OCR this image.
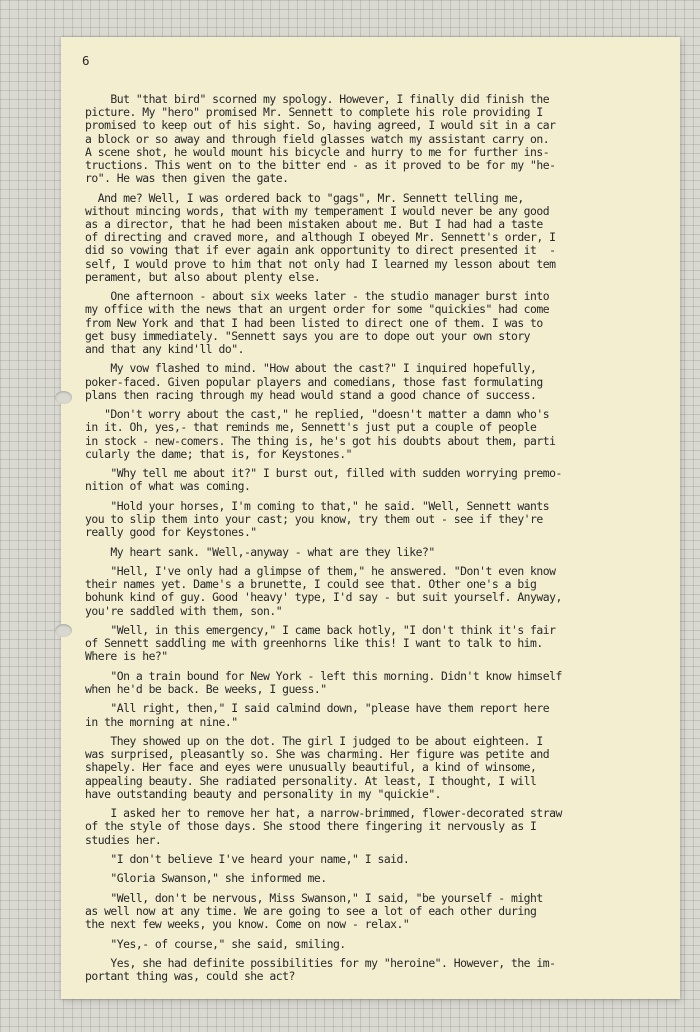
6
But "that bird" scorned my spology. However, I finally did finish the
picture. My "hero" promised Mr. Sennett to complete his role providing I
promised to keep out of his sight. So, having agreed, I would sit in a car
a block or so away and through field glasses watch my assistant carry on.
A scene shot, he would mount his bicycle and hurry to me for further ins-
tructions. This went on to the bitter end - as it proved to be for my "he-
ro". He was then given the gate.
And me? Well, I was ordered back to "gags", Mr. Sennett telling me,
without mincing words, that with my temperament I would never be any good
as a director, that he had been mistaken about me. But I had had a taste
of directing and craved more, and although I obeyed Mr. Sennett's order, I
did so vowing that if ever again ank opportunity to direct presented it  -
self, I would prove to him that not only had I learned my lesson about tem
perament, but also about plenty else.
One afternoon - about six weeks later - the studio manager burst into
my office with the news that an urgent order for some "quickies" had come
from New York and that I had been listed to direct one of them. I was to
get busy immediately. "Sennett says you are to dope out your own story
and that any kind'll do".
My vow flashed to mind. "How about the cast?" I inquired hopefully,
poker-faced. Given popular players and comedians, those fast formulating
plans then racing through my head would stand a good chance of success.
"Don't worry about the cast," he replied, "doesn't matter a damn who's
in it. Oh, yes,- that reminds me, Sennett's just put a couple of people
in stock - new-comers. The thing is, he's got his doubts about them, parti
cularly the dame; that is, for Keystones."
"Why tell me about it?" I burst out, filled with sudden worrying premo-
nition of what was coming.
"Hold your horses, I'm coming to that," he said. "Well, Sennett wants
you to slip them into your cast; you know, try them out - see if they're
really good for Keystones."
My heart sank. "Well,-anyway - what are they like?"
"Hell, I've only had a glimpse of them," he answered. "Don't even know
their names yet. Dame's a brunette, I could see that. Other one's a big
bohunk kind of guy. Good 'heavy' type, I'd say - but suit yourself. Anyway,
you're saddled with them, son."
"Well, in this emergency," I came back hotly, "I don't think it's fair
of Sennett saddling me with greenhorns like this! I want to talk to him.
Where is he?"
"On a train bound for New York - left this morning. Didn't know himself
when he'd be back. Be weeks, I guess."
"All right, then," I said calmind down, "please have them report here
in the morning at nine."
They showed up on the dot. The girl I judged to be about eighteen. I
was surprised, pleasantly so. She was charming. Her figure was petite and
shapely. Her face and eyes were unusually beautiful, a kind of winsome,
appealing beauty. She radiated personality. At least, I thought, I will
have outstanding beauty and personality in my "quickie".
I asked her to remove her hat, a narrow-brimmed, flower-decorated straw
of the style of those days. She stood there fingering it nervously as I
studies her.
"I don't believe I've heard your name," I said.
"Gloria Swanson," she informed me.
"Well, don't be nervous, Miss Swanson," I said, "be yourself - might
as well now at any time. We are going to see a lot of each other during
the next few weeks, you know. Come on now - relax."
"Yes,- of course," she said, smiling.
Yes, she had definite possibilities for my "heroine". However, the im-
portant thing was, could she act?
